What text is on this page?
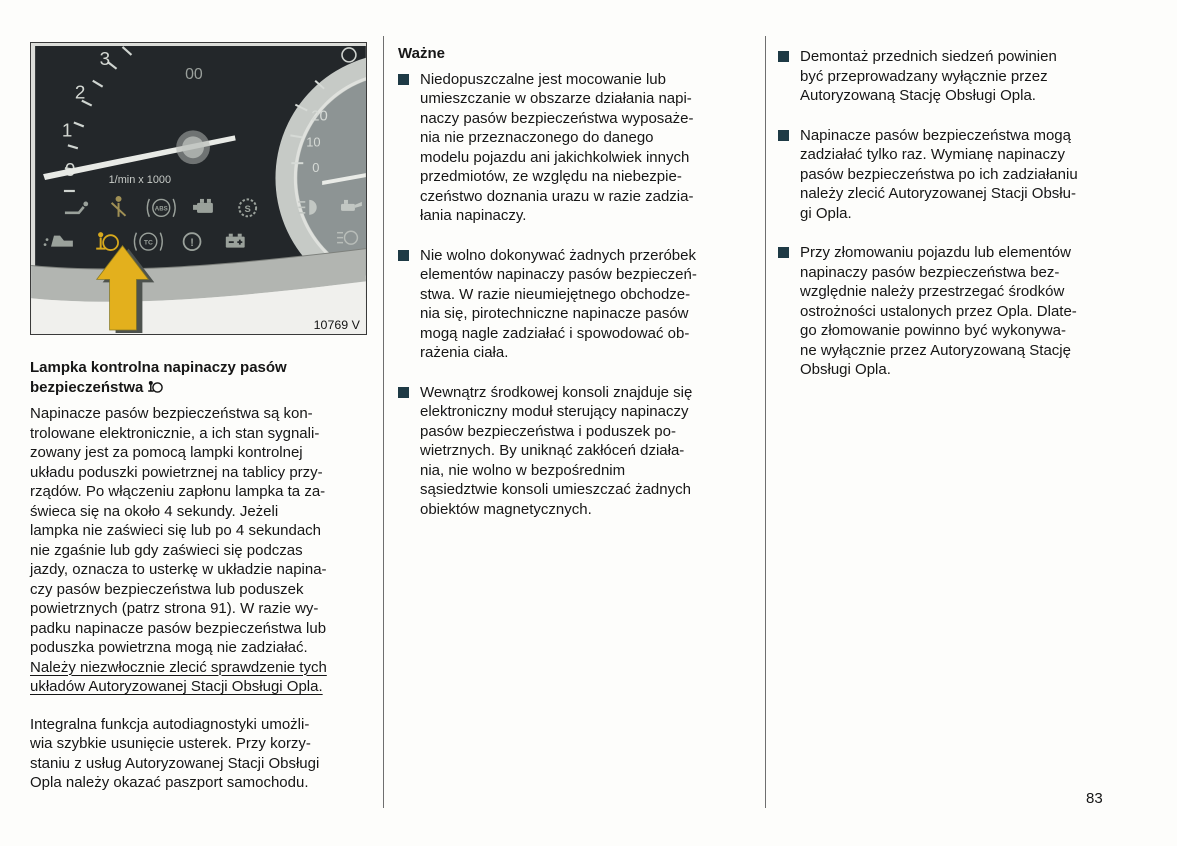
20
10
0
3
2
1
00
1/min x 1000
ABS	S
TC	!
10769 V
Lampka kontrolna napinaczy pasów bezpieczeństwa

Napinacze pasów bezpieczeństwa są kon-
trolowane elektronicznie, a ich stan sygnali-
zowany jest za pomocą lampki kontrolnej
układu poduszki powietrznej na tablicy przy-
rządów. Po włączeniu zapłonu lampka ta za-
świeca się na około 4 sekundy. Jeżeli
lampka nie zaświeci się lub po 4 sekundach
nie zgaśnie lub gdy zaświeci się podczas
jazdy, oznacza to usterkę w układzie napina-
czy pasów bezpieczeństwa lub poduszek
powietrznych (patrz strona 91). W razie wy-
padku napinacze pasów bezpieczeństwa lub
poduszka powietrzna mogą nie zadziałać.

Należy niezwłocznie zlecić sprawdzenie tych
układów Autoryzowanej Stacji Obsługi Opla.

Integralna funkcja autodiagnostyki umożli-
wia szybkie usunięcie usterek. Przy korzy-
staniu z usług Autoryzowanej Stacji Obsługi
Opla należy okazać paszport samochodu.

Ważne

Niedopuszczalne jest mocowanie lub
umieszczanie w obszarze działania napi-
naczy pasów bezpieczeństwa wyposaże-
nia nie przeznaczonego do danego
modelu pojazdu ani jakichkolwiek innych
przedmiotów, ze względu na niebezpie-
czeństwo doznania urazu w razie zadzia-
łania napinaczy.

Nie wolno dokonywać żadnych przeróbek
elementów napinaczy pasów bezpieczeń-
stwa. W razie nieumiejętnego obchodze-
nia się, pirotechniczne napinacze pasów
mogą nagle zadziałać i spowodować ob-
rażenia ciała.

Wewnątrz środkowej konsoli znajduje się
elektroniczny moduł sterujący napinaczy
pasów bezpieczeństwa i poduszek po-
wietrznych. By uniknąć zakłóceń działa-
nia, nie wolno w bezpośrednim
sąsiedztwie konsoli umieszczać żadnych
obiektów magnetycznych.

Demontaż przednich siedzeń powinien
być przeprowadzany wyłącznie przez
Autoryzowaną Stację Obsługi Opla.

Napinacze pasów bezpieczeństwa mogą
zadziałać tylko raz. Wymianę napinaczy
pasów bezpieczeństwa po ich zadziałaniu
należy zlecić Autoryzowanej Stacji Obsłu-
gi Opla.

Przy złomowaniu pojazdu lub elementów
napinaczy pasów bezpieczeństwa bez-
względnie należy przestrzegać środków
ostrożności ustalonych przez Opla. Dlate-
go złomowanie powinno być wykonywa-
ne wyłącznie przez Autoryzowaną Stację
Obsługi Opla.

83
